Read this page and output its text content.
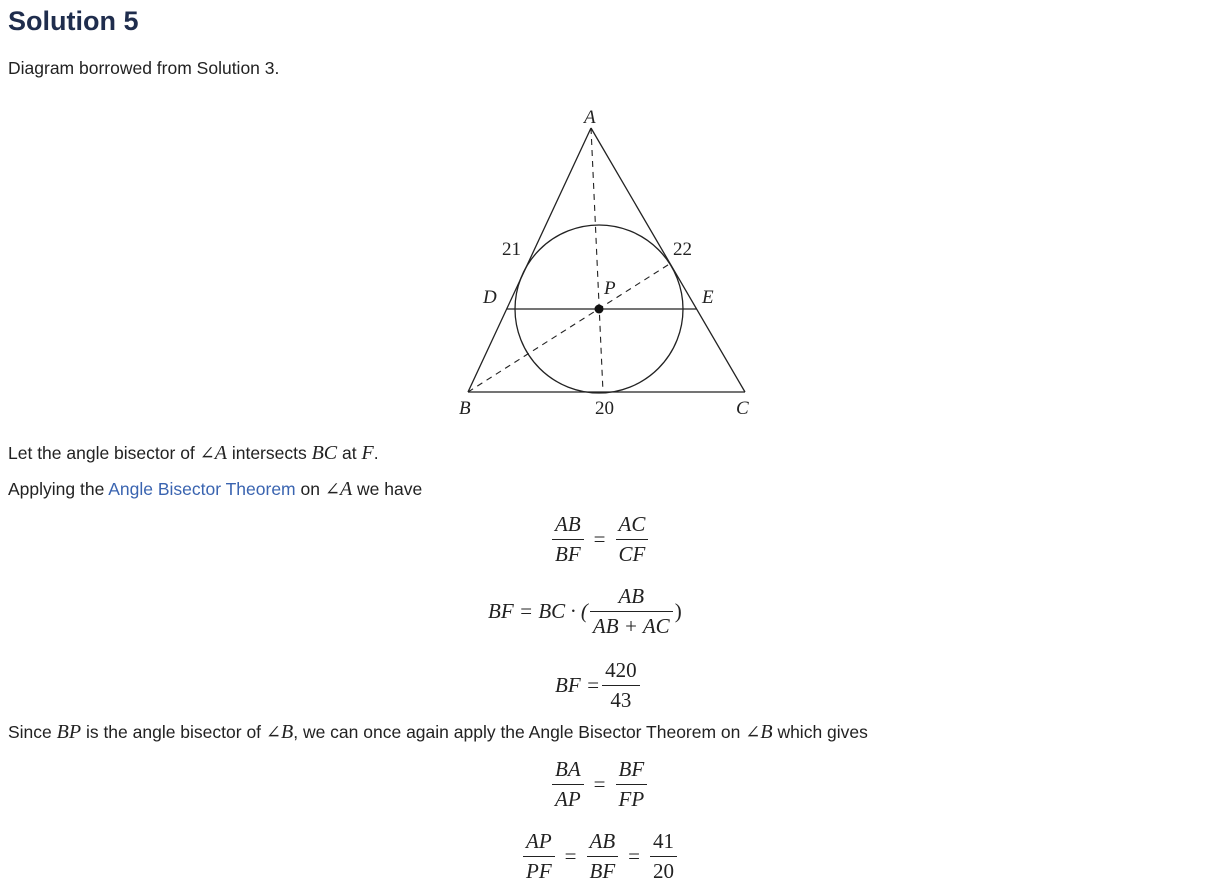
Solution 5
Diagram borrowed from Solution 3.
A
B	C
D	E
P
21	22
20
Let the angle bisector of ∠A intersects BC at F.
Applying the Angle Bisector Theorem on ∠A we have
$\frac{AB}{BF} = \frac{AC}{CF}$
BF = BC · ( $\frac{AB}{AB + AC}$ )
BF = $\frac{420}{43}$
Since BP is the angle bisector of ∠B, we can once again apply the Angle Bisector Theorem on ∠B which gives
$\frac{BA}{AP} = \frac{BF}{FP}$
$\frac{AP}{PF} = \frac{AB}{BF} = \frac{41}{20}$
